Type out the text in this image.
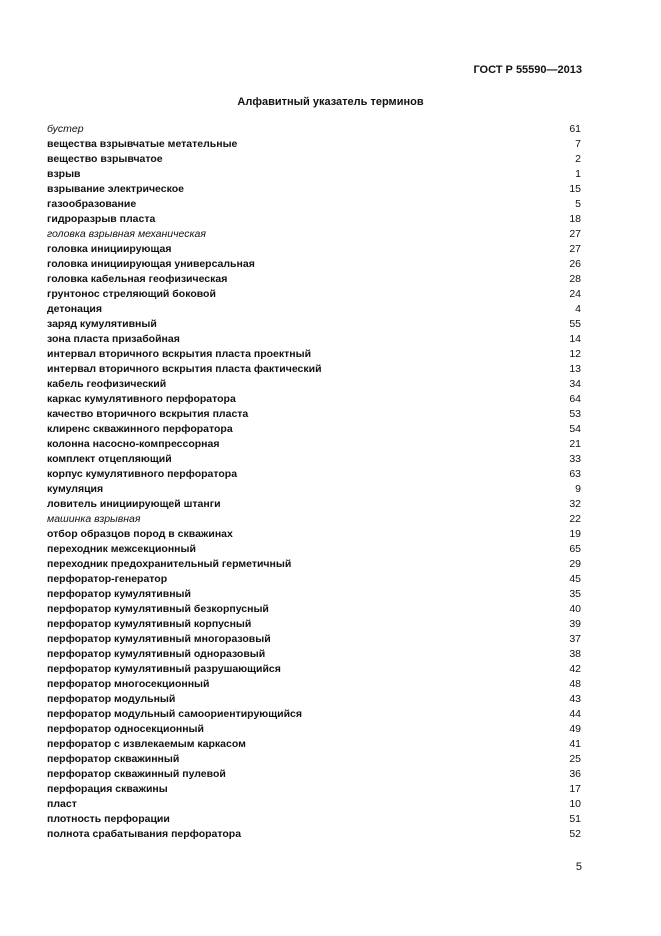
ГОСТ Р 55590—2013

Алфавитный указатель терминов
бустер	61
вещества взрывчатые метательные	7
вещество взрывчатое	2
взрыв	1
взрывание электрическое	15
газообразование	5
гидроразрыв пласта	18
головка взрывная механическая	27
головка инициирующая	27
головка инициирующая универсальная	26
головка кабельная геофизическая	28
грунтонос стреляющий боковой	24
детонация	4
заряд кумулятивный	55
зона пласта призабойная	14
интервал вторичного вскрытия пласта проектный	12
интервал вторичного вскрытия пласта фактический	13
кабель геофизический	34
каркас кумулятивного перфоратора	64
качество вторичного вскрытия пласта	53
клиренс скважинного перфоратора	54
колонна насосно-компрессорная	21
комплект отцепляющий	33
корпус кумулятивного перфоратора	63
кумуляция	9
ловитель инициирующей штанги	32
машинка взрывная	22
отбор образцов пород в скважинах	19
переходник межсекционный	65
переходник предохранительный герметичный	29
перфоратор-генератор	45
перфоратор кумулятивный	35
перфоратор кумулятивный безкорпусный	40
перфоратор кумулятивный корпусный	39
перфоратор кумулятивный многоразовый	37
перфоратор кумулятивный одноразовый	38
перфоратор кумулятивный разрушающийся	42
перфоратор многосекционный	48
перфоратор модульный	43
перфоратор модульный самоориентирующийся	44
перфоратор односекционный	49
перфоратор с извлекаемым каркасом	41
перфоратор скважинный	25
перфоратор скважинный пулевой	36
перфорация скважины	17
пласт	10
плотность перфорации	51
полнота срабатывания перфоратора	52

5
